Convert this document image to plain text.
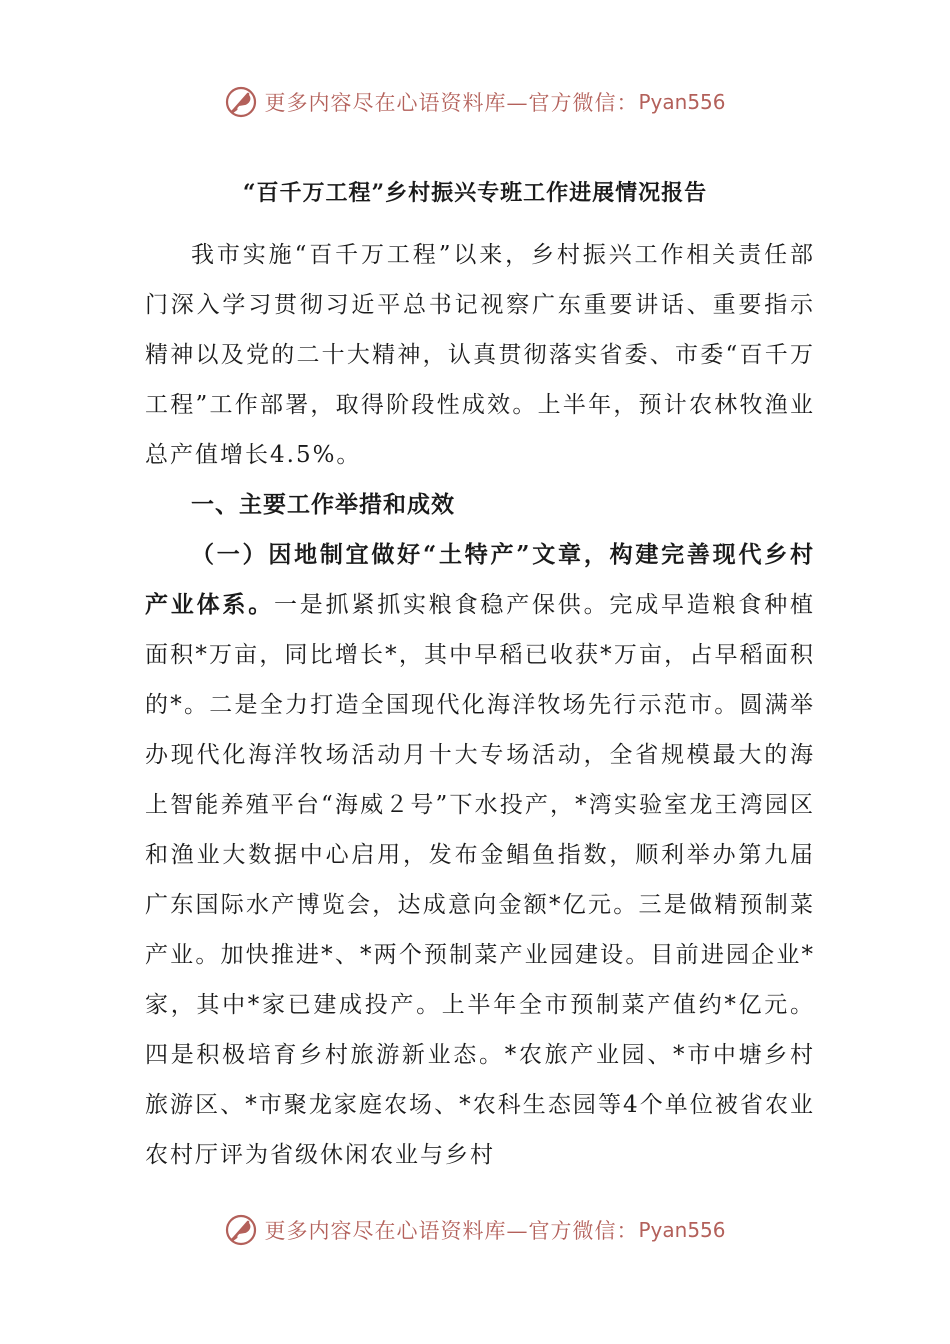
更多内容尽在心语资料库—官方微信： Pyan556
“百千万工程”乡村振兴专班工作进展情况报告

我市实施“百千万工程”以来，乡村振兴工作相关责任部门深入学习贯彻习近平总书记视察广东重要讲话、重要指示精神以及党的二十大精神，认真贯彻落实省委、市委“百千万工程”工作部署，取得阶段性成效。上半年，预计农林牧渔业总产值增长4.5%。

一、主要工作举措和成效

（一）因地制宜做好“土特产”文章，构建完善现代乡村产业体系。一是抓紧抓实粮食稳产保供。完成早造粮食种植面积*万亩，同比增长*，其中早稻已收获*万亩，占早稻面积的*。二是全力打造全国现代化海洋牧场先行示范市。圆满举办现代化海洋牧场活动月十大专场活动，全省规模最大的海上智能养殖平台“海威２号”下水投产，*湾实验室龙王湾园区和渔业大数据中心启用，发布金鲳鱼指数，顺利举办第九届广东国际水产博览会，达成意向金额*亿元。三是做精预制菜产业。加快推进*、*两个预制菜产业园建设。目前进园企业*家，其中*家已建成投产。上半年全市预制菜产值约*亿元。四是积极培育乡村旅游新业态。*农旅产业园、*市中塘乡村旅游区、*市聚龙家庭农场、*农科生态园等4个单位被省农业农村厅评为省级休闲农业与乡村

更多内容尽在心语资料库—官方微信： Pyan556
